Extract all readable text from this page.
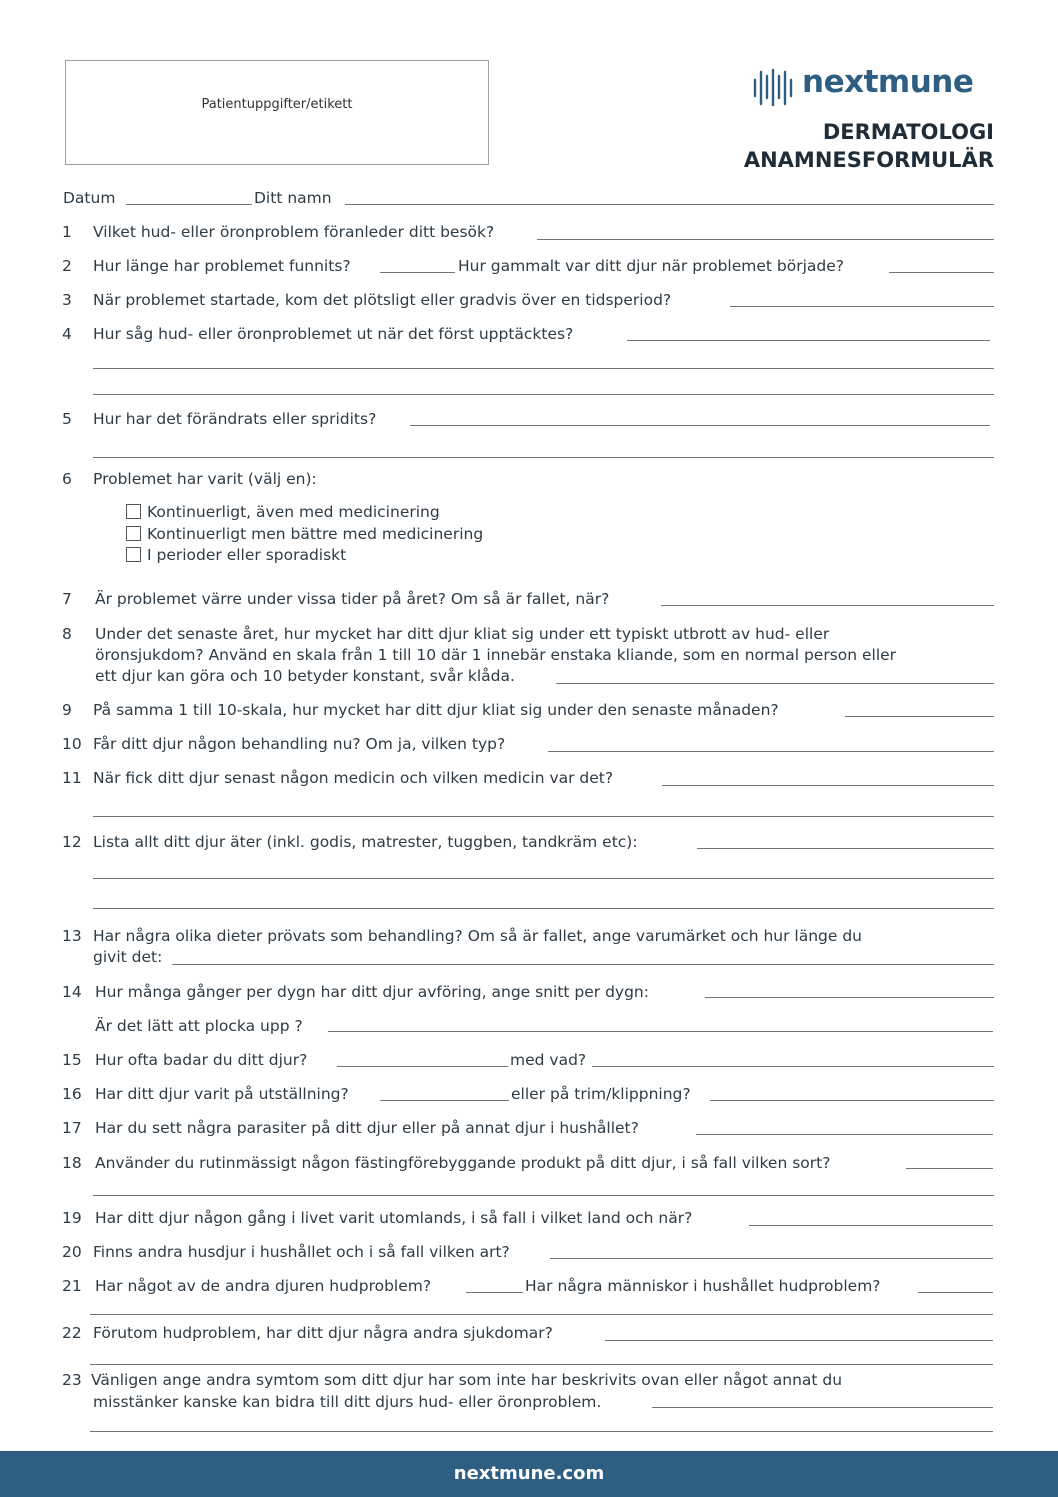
Patientuppgifter/etikett
nextmune
DERMATOLOGI
ANAMNESFORMULÄR
Datum	Ditt namn
1 Vilket hud- eller öronproblem föranleder ditt besök?
2 Hur länge har problemet funnits?	Hur gammalt var ditt djur när problemet började?
3 När problemet startade, kom det plötsligt eller gradvis över en tidsperiod?
4 Hur såg hud- eller öronproblemet ut när det först upptäcktes?
5 Hur har det förändrats eller spridits?
6 Problemet har varit (välj en):
Kontinuerligt, även med medicinering
Kontinuerligt men bättre med medicinering
I perioder eller sporadiskt
7 Är problemet värre under vissa tider på året? Om så är fallet, när?
8 Under det senaste året, hur mycket har ditt djur kliat sig under ett typiskt utbrott av hud- eller
öronsjukdom? Använd en skala från 1 till 10 där 1 innebär enstaka kliande, som en normal person eller
ett djur kan göra och 10 betyder konstant, svår klåda.
9 På samma 1 till 10-skala, hur mycket har ditt djur kliat sig under den senaste månaden?
10 Får ditt djur någon behandling nu? Om ja, vilken typ?
11 När fick ditt djur senast någon medicin och vilken medicin var det?
12 Lista allt ditt djur äter (inkl. godis, matrester, tuggben, tandkräm etc):
13 Har några olika dieter prövats som behandling? Om så är fallet, ange varumärket och hur länge du
givit det:
14 Hur många gånger per dygn har ditt djur avföring, ange snitt per dygn:
Är det lätt att plocka upp ?
15 Hur ofta badar du ditt djur?	med vad?
16 Har ditt djur varit på utställning?	eller på trim/klippning?
17 Har du sett några parasiter på ditt djur eller på annat djur i hushållet?
18 Använder du rutinmässigt någon fästingförebyggande produkt på ditt djur, i så fall vilken sort?
19 Har ditt djur någon gång i livet varit utomlands, i så fall i vilket land och när?
20 Finns andra husdjur i hushållet och i så fall vilken art?
21 Har något av de andra djuren hudproblem?	Har några människor i hushållet hudproblem?
22 Förutom hudproblem, har ditt djur några andra sjukdomar?
23 Vänligen ange andra symtom som ditt djur har som inte har beskrivits ovan eller något annat du
misstänker kanske kan bidra till ditt djurs hud- eller öronproblem.
nextmune.com
